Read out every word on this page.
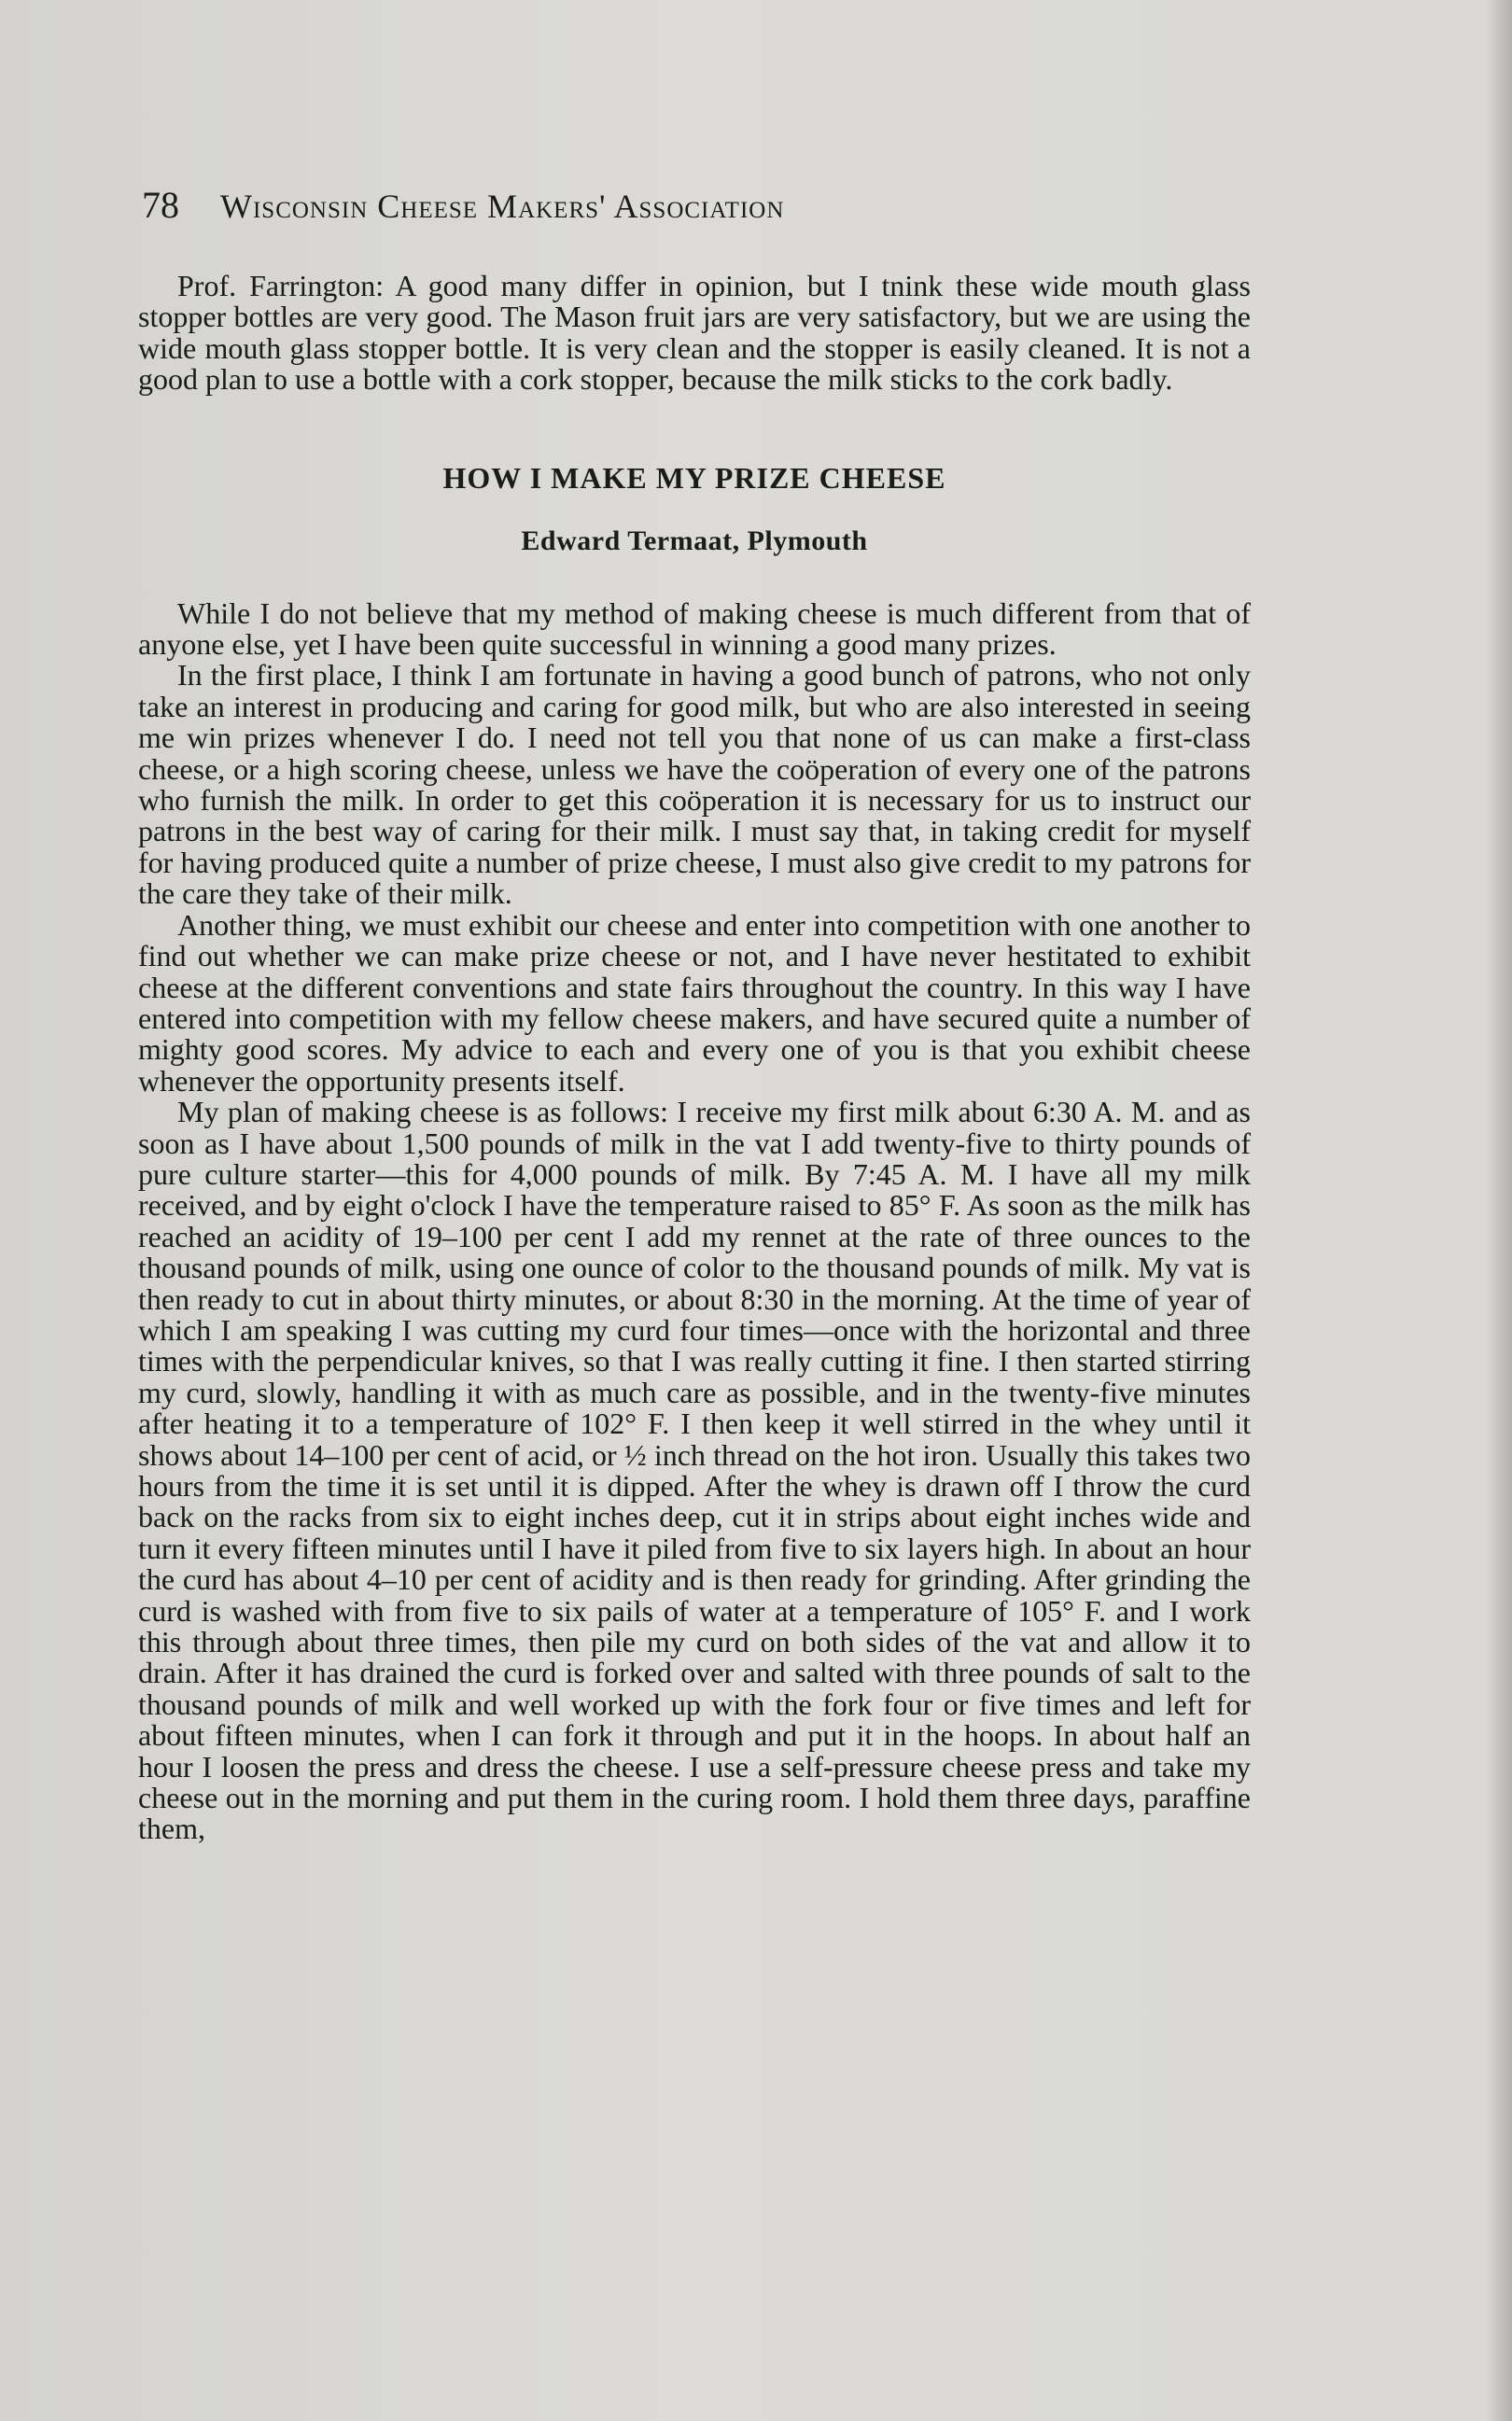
78 Wisconsin Cheese Makers' Association

Prof. Farrington: A good many differ in opinion, but I tnink these wide mouth glass stopper bottles are very good. The Mason fruit jars are very satisfactory, but we are using the wide mouth glass stopper bottle. It is very clean and the stopper is easily cleaned. It is not a good plan to use a bottle with a cork stopper, because the milk sticks to the cork badly.

HOW I MAKE MY PRIZE CHEESE
Edward Termaat, Plymouth

While I do not believe that my method of making cheese is much different from that of anyone else, yet I have been quite successful in winning a good many prizes.

In the first place, I think I am fortunate in having a good bunch of patrons, who not only take an interest in producing and caring for good milk, but who are also interested in seeing me win prizes whenever I do. I need not tell you that none of us can make a first-class cheese, or a high scoring cheese, unless we have the coöperation of every one of the patrons who furnish the milk. In order to get this coöperation it is necessary for us to instruct our patrons in the best way of caring for their milk. I must say that, in taking credit for myself for having produced quite a number of prize cheese, I must also give credit to my patrons for the care they take of their milk.

Another thing, we must exhibit our cheese and enter into competition with one another to find out whether we can make prize cheese or not, and I have never hestitated to exhibit cheese at the different conventions and state fairs throughout the country. In this way I have entered into competition with my fellow cheese makers, and have secured quite a number of mighty good scores. My advice to each and every one of you is that you exhibit cheese whenever the opportunity presents itself.

My plan of making cheese is as follows: I receive my first milk about 6:30 A. M. and as soon as I have about 1,500 pounds of milk in the vat I add twenty-five to thirty pounds of pure culture starter—this for 4,000 pounds of milk. By 7:45 A. M. I have all my milk received, and by eight o'clock I have the temperature raised to 85° F. As soon as the milk has reached an acidity of 19–100 per cent I add my rennet at the rate of three ounces to the thousand pounds of milk, using one ounce of color to the thousand pounds of milk. My vat is then ready to cut in about thirty minutes, or about 8:30 in the morning. At the time of year of which I am speaking I was cutting my curd four times—once with the horizontal and three times with the perpendicular knives, so that I was really cutting it fine. I then started stirring my curd, slowly, handling it with as much care as possible, and in the twenty-five minutes after heating it to a temperature of 102° F. I then keep it well stirred in the whey until it shows about 14–100 per cent of acid, or ½ inch thread on the hot iron. Usually this takes two hours from the time it is set until it is dipped. After the whey is drawn off I throw the curd back on the racks from six to eight inches deep, cut it in strips about eight inches wide and turn it every fifteen minutes until I have it piled from five to six layers high. In about an hour the curd has about 4–10 per cent of acidity and is then ready for grinding. After grinding the curd is washed with from five to six pails of water at a temperature of 105° F. and I work this through about three times, then pile my curd on both sides of the vat and allow it to drain. After it has drained the curd is forked over and salted with three pounds of salt to the thousand pounds of milk and well worked up with the fork four or five times and left for about fifteen minutes, when I can fork it through and put it in the hoops. In about half an hour I loosen the press and dress the cheese. I use a self-pressure cheese press and take my cheese out in the morning and put them in the curing room. I hold them three days, paraffine them,
